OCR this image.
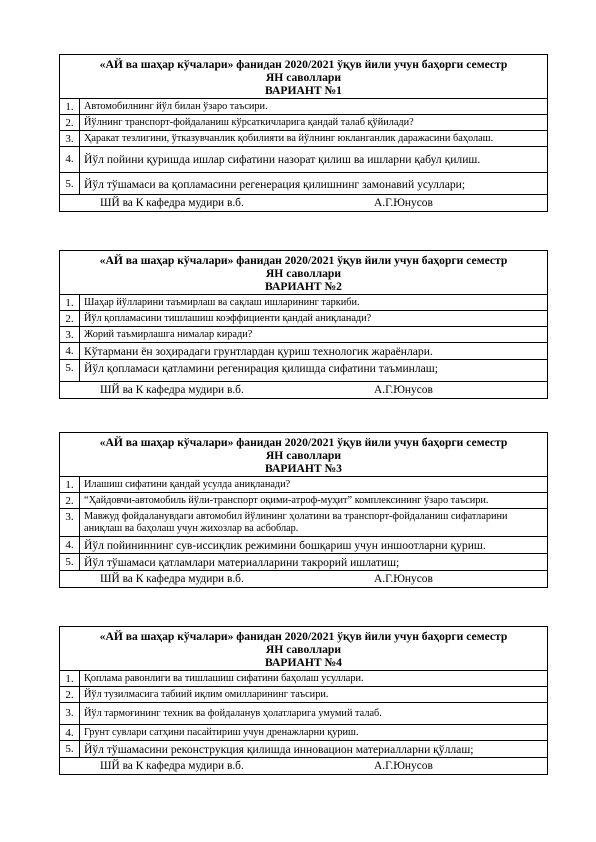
«АЙ ва шаҳар кўчалари» фанидан 2020/2021 ўқув йили учун баҳорги семестр
ЯН саволлари
ВАРИАНТ №1
1.	Автомобилнинг йўл билан ўзаро таъсири.
2.	Йўлнинг транспорт-фойдаланиш кўрсаткичларига қандай талаб қўйилади?
3.	Ҳаракат тезлигини, ўтказувчанлик қобилияти ва йўлнинг юкланганлик даражасини баҳолаш.
4. Йўл пойини қуришда ишлар сифатини назорат қилиш ва ишларни қабул қилиш.
5. Йўл тўшамаси ва қопламасини регенерация қилишнинг замонавий усуллари;
ШЙ ва К кафедра мудири в.б.	А.Г.Юнусов
«АЙ ва шаҳар кўчалари» фанидан 2020/2021 ўқув йили учун баҳорги семестр
ЯН саволлари
ВАРИАНТ №2
1.	Шаҳар йўлларини таъмирлаш ва сақлаш ишларининг таркиби.
2.	Йўл қопламасини тишлашиш коэффициенти қандай аниқланади?
3.	Жорий таъмирлашга нималар киради?
4. Кўтармани ён зоҳирадаги грунтлардан қуриш технологик жараёнлари.
5. Йўл қопламаси қатламини регенирация қилишда сифатини таъминлаш;
ШЙ ва К кафедра мудири в.б.	А.Г.Юнусов
«АЙ ва шаҳар кўчалари» фанидан 2020/2021 ўқув йили учун баҳорги семестр
ЯН саволлари
ВАРИАНТ №3
1.	Илашиш сифатини қандай усулда аниқланади?
2.	“Ҳайдовчи-автомобиль йўли-транспорт оқими-атроф-муҳит” комплексининг ўзаро таъсири.
3.	Мавжуд фойдаланувдаги автомобил йўлининг ҳолатини ва транспорт-фойдаланиш сифатларини аниқлаш ва баҳолаш учун жихозлар ва асбоблар.
4. Йўл пойининнинг сув-иссиқлик режимини бошқариш учун иншоотларни қуриш.
5. Йўл тўшамаси қатламлари материалларини такрорий ишлатиш;
ШЙ ва К кафедра мудири в.б.	А.Г.Юнусов
«АЙ ва шаҳар кўчалари» фанидан 2020/2021 ўқув йили учун баҳорги семестр
ЯН саволлари
ВАРИАНТ №4
1.	Қоплама равонлиги ва тишлашиш сифатини баҳолаш усуллари.
2.	Йўл тузилмасига табиий иқлим омилларининг таъсири.
3.	Йўл тармоғининг техник ва фойдаланув ҳолатларига умумий талаб.
4.	Грунт сувлари сатҳини пасайтириш учун дренажларни қуриш.
5. Йўл тўшамасини реконструкция қилишда инновацион материалларни қўллаш;
ШЙ ва К кафедра мудири в.б.	А.Г.Юнусов
